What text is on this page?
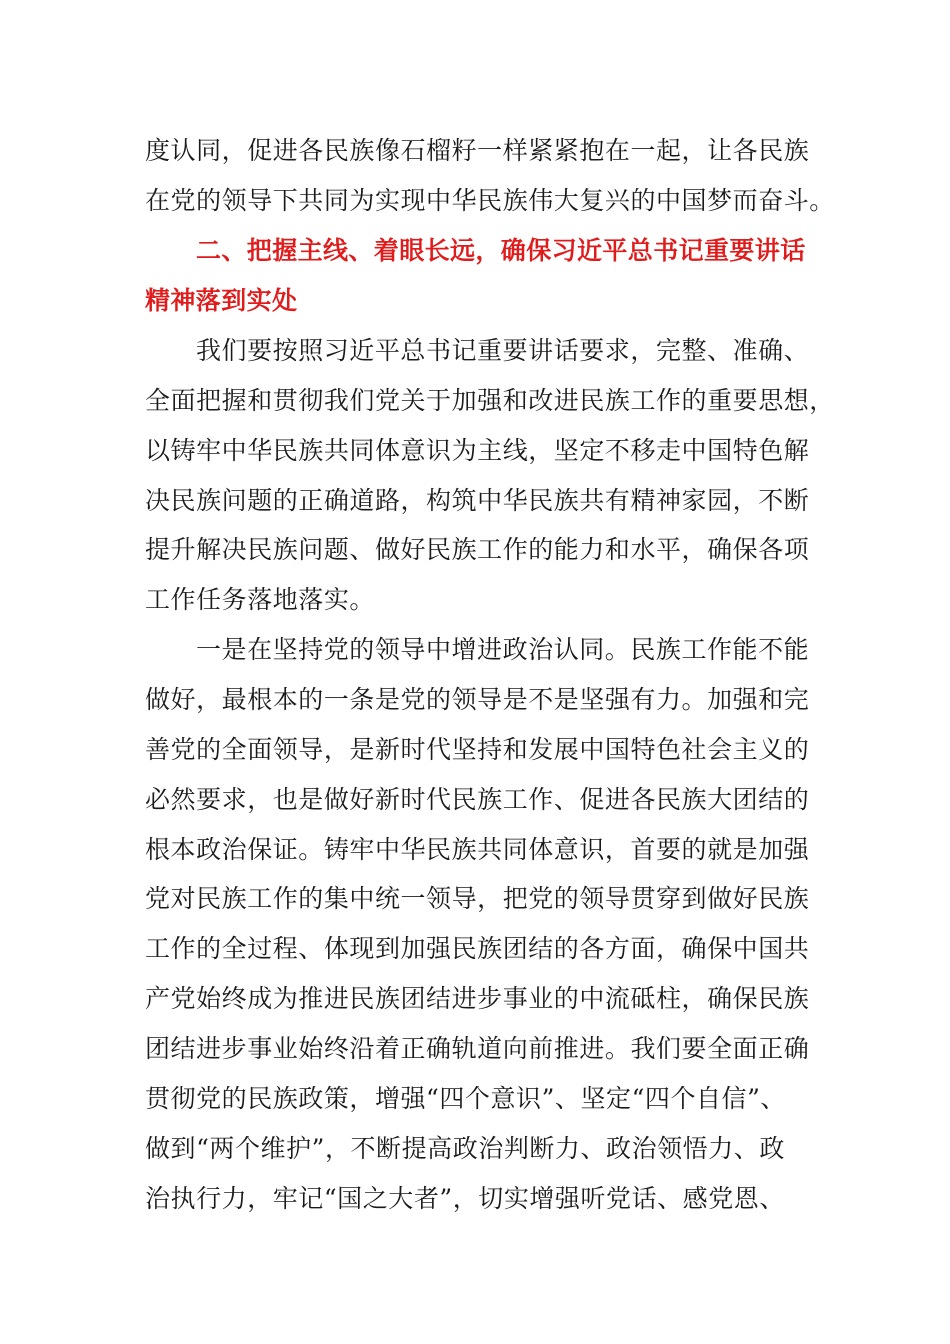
度认同，促进各民族像石榴籽一样紧紧抱在一起，让各民族
在党的领导下共同为实现中华民族伟大复兴的中国梦而奋斗。
二、把握主线、着眼长远，确保习近平总书记重要讲话
精神落到实处
我们要按照习近平总书记重要讲话要求，完整、准确、
全面把握和贯彻我们党关于加强和改进民族工作的重要思想，
以铸牢中华民族共同体意识为主线，坚定不移走中国特色解
决民族问题的正确道路，构筑中华民族共有精神家园，不断
提升解决民族问题、做好民族工作的能力和水平，确保各项
工作任务落地落实。
一是在坚持党的领导中增进政治认同。民族工作能不能
做好，最根本的一条是党的领导是不是坚强有力。加强和完
善党的全面领导，是新时代坚持和发展中国特色社会主义的
必然要求，也是做好新时代民族工作、促进各民族大团结的
根本政治保证。铸牢中华民族共同体意识，首要的就是加强
党对民族工作的集中统一领导，把党的领导贯穿到做好民族
工作的全过程、体现到加强民族团结的各方面，确保中国共
产党始终成为推进民族团结进步事业的中流砥柱，确保民族
团结进步事业始终沿着正确轨道向前推进。我们要全面正确
贯彻党的民族政策，增强“四个意识”、坚定“四个自信”、
做到“两个维护”，不断提高政治判断力、政治领悟力、政
治执行力，牢记“国之大者”，切实增强听党话、感党恩、
